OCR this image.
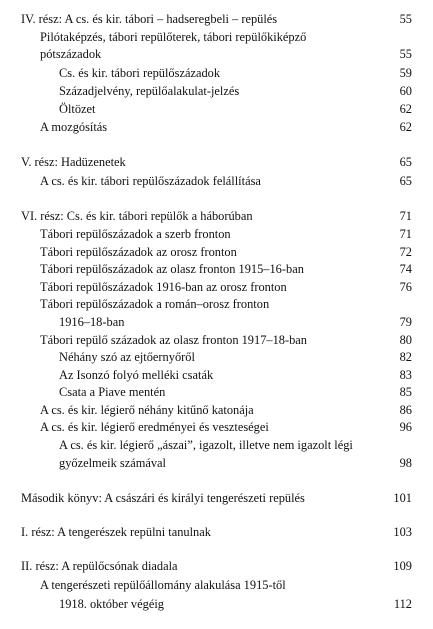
IV. rész: A cs. és kir. tábori – hadseregbeli – repülés	55
Pilótaképzés, tábori repülőterek, tábori repülőkiképző
pótszázadok	55
Cs. és kir. tábori repülőszázadok	59
Századjelvény, repülőalakulat-jelzés	60
Öltözet	62
A mozgósítás	62
V. rész: Hadüzenetek	65
A cs. és kir. tábori repülőszázadok felállítása	65
VI. rész: Cs. és kir. tábori repülők a háborúban	71
Tábori repülőszázadok a szerb fronton	71
Tábori repülőszázadok az orosz fronton	72
Tábori repülőszázadok az olasz fronton 1915–16-ban	74
Tábori repülőszázadok 1916-ban az orosz fronton	76
Tábori repülőszázadok a román–orosz fronton
1916–18-ban	79
Tábori repülő századok az olasz fronton 1917–18-ban	80
Néhány szó az ejtőernyőről	82
Az Isonzó folyó melléki csaták	83
Csata a Piave mentén	85
A cs. és kir. légierő néhány kitűnő katonája	86
A cs. és kir. légierő eredményei és veszteségei	96
A cs. és kir. légierő „ászai”, igazolt, illetve nem igazolt légi
győzelmeik számával	98
Második könyv: A császári és királyi tengerészeti repülés	101
I. rész: A tengerészek repülni tanulnak	103
II. rész: A repülőcsónak diadala	109
A tengerészeti repülőállomány alakulása 1915-től
1918. október végéig	112
